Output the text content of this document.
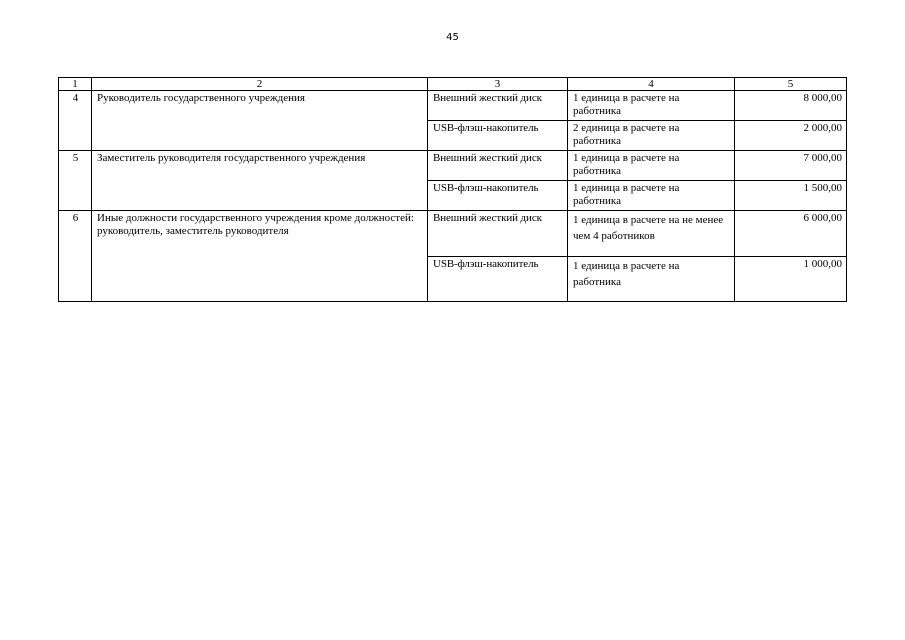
45
1	2	3	4	5
4	Руководитель государственного учреждения	Внешний жесткий диск	1 единица в расчете на работника	8 000,00
		USB-флэш-накопитель	2 единица в расчете на работника	2 000,00
5	Заместитель руководителя государственного учреждения	Внешний жесткий диск	1 единица в расчете на работника	7 000,00
		USB-флэш-накопитель	1 единица в расчете на работника	1 500,00
6	Иные должности государственного учреждения кроме должностей: руководитель, заместитель руководителя	Внешний жесткий диск	1 единица в расчете на не менее чем 4 работников	6 000,00
		USB-флэш-накопитель	1 единица в расчете на работника	1 000,00
